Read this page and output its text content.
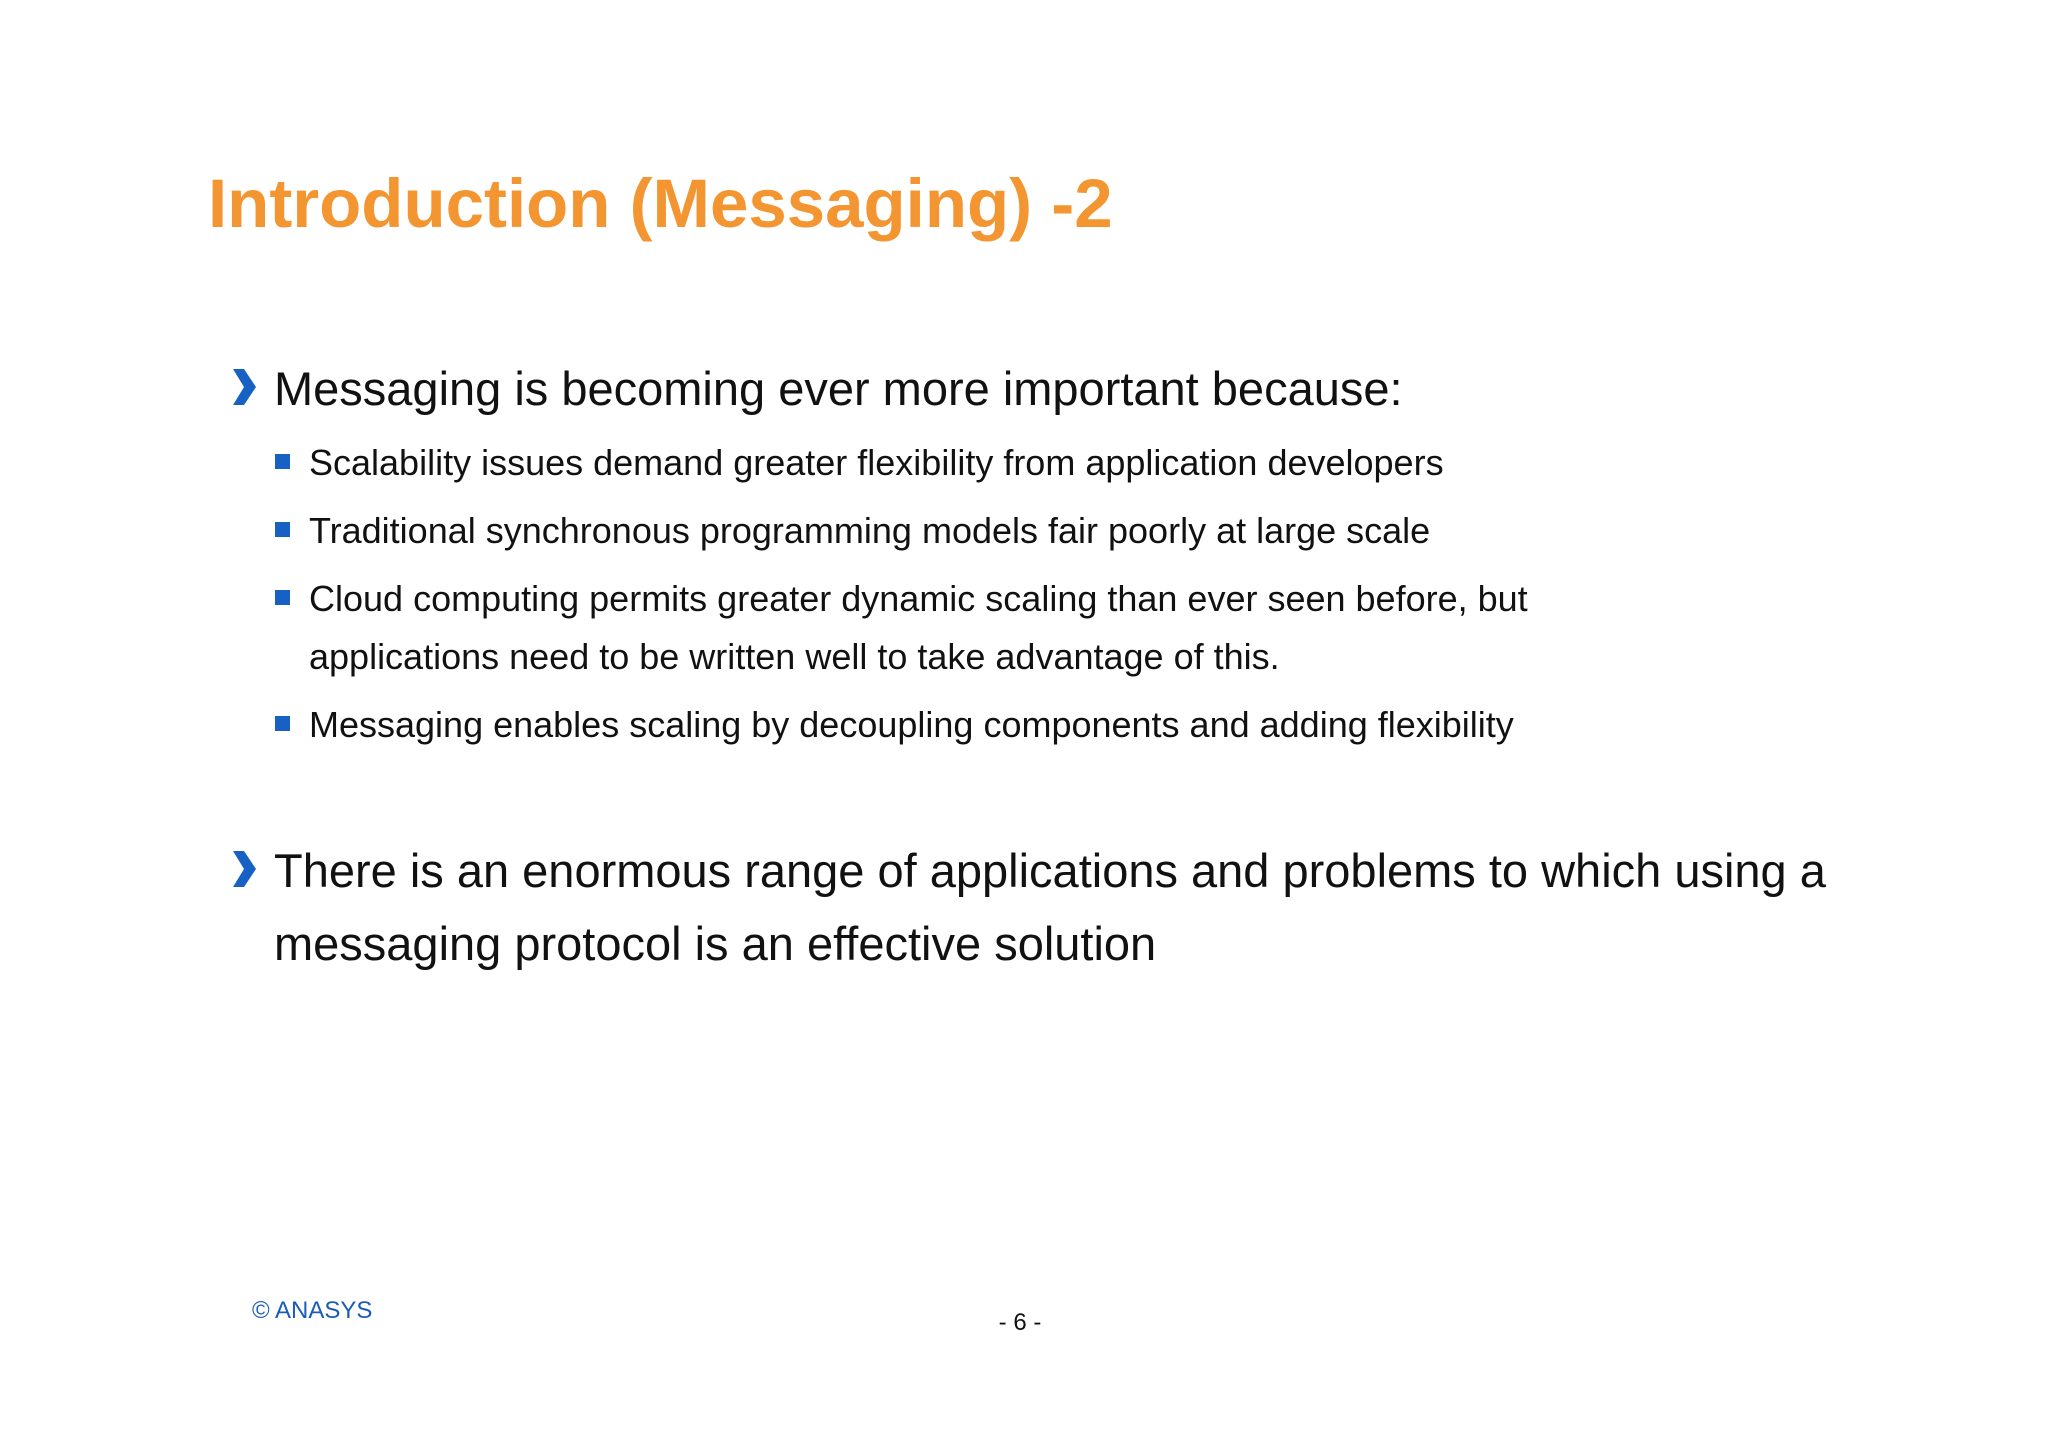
Introduction (Messaging) -2
Messaging is becoming ever more important because:
Scalability issues demand greater flexibility from application developers
Traditional synchronous programming models fair poorly at large scale
Cloud computing permits greater dynamic scaling than ever seen before, but applications need to be written well to take advantage of this.
Messaging enables scaling by decoupling components and adding flexibility
There is an enormous range of applications and problems to which using a messaging protocol is an effective solution
© ANASYS	- 6 -
